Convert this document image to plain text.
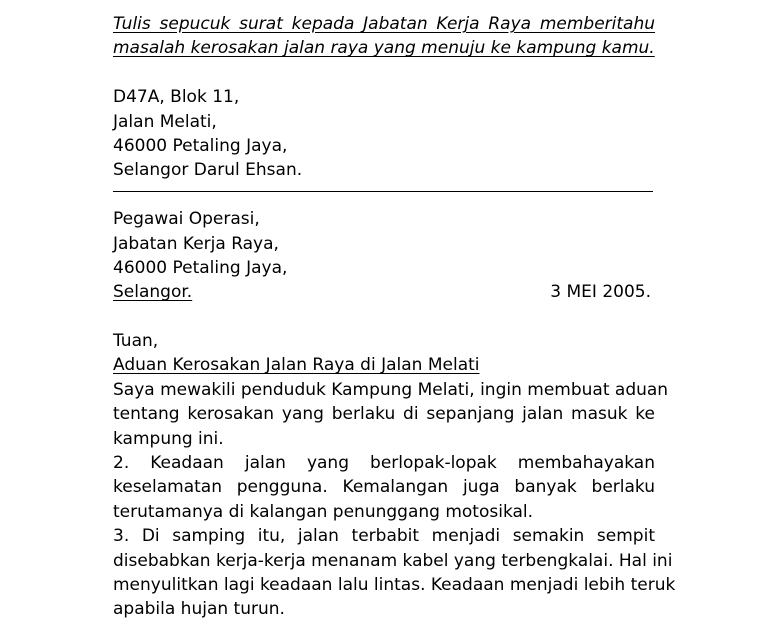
Tulis sepucuk surat kepada Jabatan Kerja Raya memberitahu
masalah kerosakan jalan raya yang menuju ke kampung kamu.
D47A, Blok 11,
Jalan Melati,
46000 Petaling Jaya,
Selangor Darul Ehsan.
Pegawai Operasi,
Jabatan Kerja Raya,
46000 Petaling Jaya,
Selangor.	3 MEI 2005.
Tuan,
Aduan Kerosakan Jalan Raya di Jalan Melati
Saya mewakili penduduk Kampung Melati, ingin membuat aduan
tentang kerosakan yang berlaku di sepanjang jalan masuk ke
kampung ini.
2. Keadaan jalan yang berlopak-lopak membahayakan
keselamatan pengguna. Kemalangan juga banyak berlaku
terutamanya di kalangan penunggang motosikal.
3. Di samping itu, jalan terbabit menjadi semakin sempit
disebabkan kerja-kerja menanam kabel yang terbengkalai. Hal ini
menyulitkan lagi keadaan lalu lintas. Keadaan menjadi lebih teruk
apabila hujan turun.
